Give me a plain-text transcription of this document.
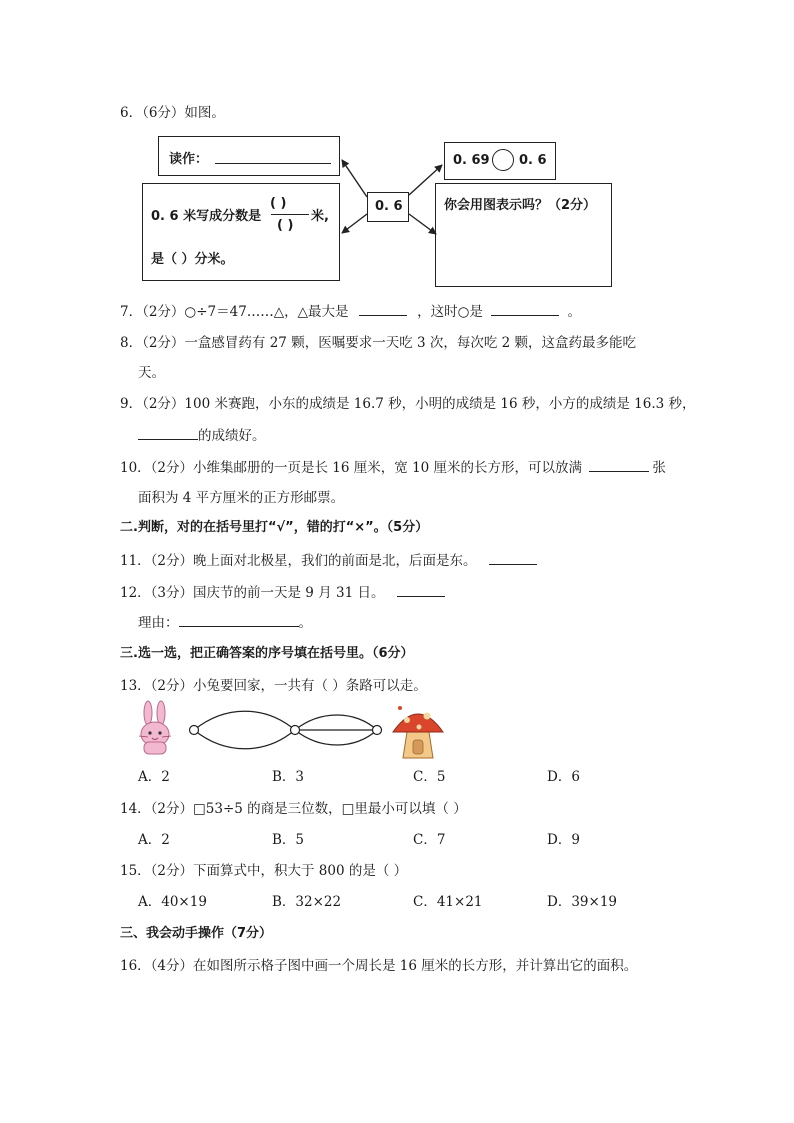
6．（6分）如图。
读作：
0. 6 米写成分数是
( )
( )
米,
是（ ）分米。
0. 6
0. 69 0. 6
你会用图表示吗？（2分）
7．（2分）○÷7＝47……△，△最大是	，这时○是	。
8．（2分）一盒感冒药有 27 颗，医嘱要求一天吃 3 次，每次吃 2 颗，这盒药最多能吃
天。
9．（2分）100 米赛跑，小东的成绩是 16.7 秒，小明的成绩是 16 秒，小方的成绩是 16.3 秒，
的成绩好。
10．（2分）小维集邮册的一页是长 16 厘米，宽 10 厘米的长方形，可以放满	张
面积为 4 平方厘米的正方形邮票。
二.判断，对的在括号里打“√”，错的打“×”。（5分）
11．（2分）晚上面对北极星，我们的前面是北，后面是东。
12．（3分）国庆节的前一天是 9 月 31 日。
理由：	。
三.选一选，把正确答案的序号填在括号里。（6分）
13．（2分）小兔要回家，一共有（ ）条路可以走。
A．2	B．3	C．5	D．6
14．（2分）□53÷5 的商是三位数，□里最小可以填（ ）
A．2	B．5	C．7	D．9
15．（2分）下面算式中，积大于 800 的是（ ）
A．40×19	B．32×22	C．41×21	D．39×19
三、我会动手操作（7分）
16．（4分）在如图所示格子图中画一个周长是 16 厘米的长方形，并计算出它的面积。
